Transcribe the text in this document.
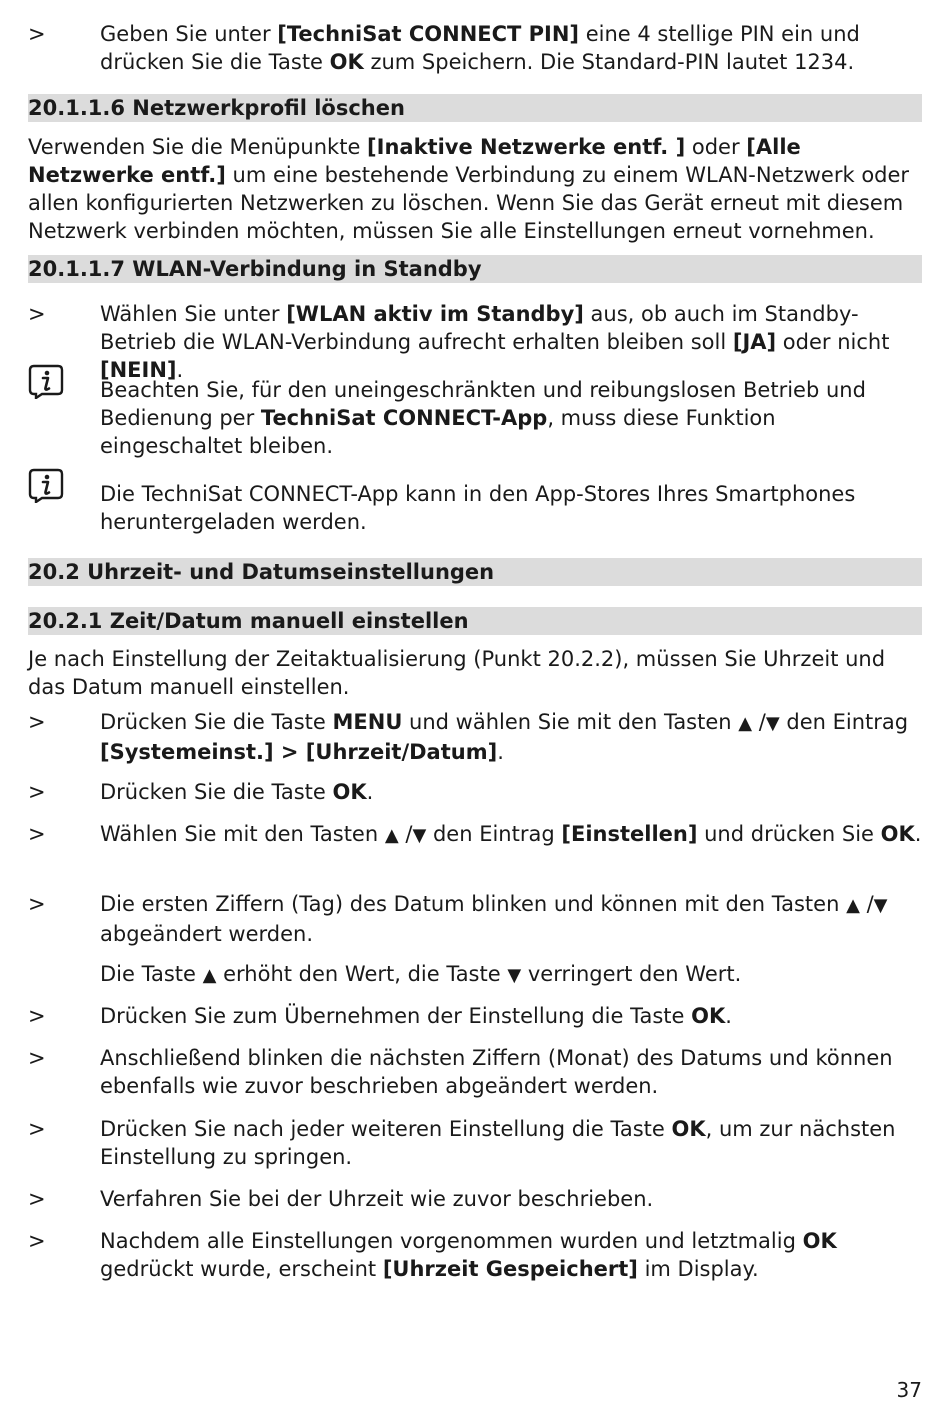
>	Geben Sie unter [TechniSat CONNECT PIN] eine 4 stellige PIN ein und drücken Sie die Taste OK zum Speichern. Die Standard-PIN lautet 1234.
20.1.1.6 Netzwerkprofil löschen
Verwenden Sie die Menüpunkte [Inaktive Netzwerke entf. ] oder [Alle Netzwerke entf.] um eine bestehende Verbindung zu einem WLAN-Netzwerk oder allen konfigurierten Netzwerken zu löschen. Wenn Sie das Gerät erneut mit diesem Netzwerk verbinden möchten, müssen Sie alle Einstellungen erneut vornehmen.
20.1.1.7 WLAN-Verbindung in Standby
>	Wählen Sie unter [WLAN aktiv im Standby] aus, ob auch im Standby-Betrieb die WLAN-Verbindung aufrecht erhalten bleiben soll [JA] oder nicht [NEIN].
Beachten Sie, für den uneingeschränkten und reibungslosen Betrieb und Bedienung per TechniSat CONNECT-App, muss diese Funktion eingeschaltet bleiben.
Die TechniSat CONNECT-App kann in den App-Stores Ihres Smartphones heruntergeladen werden.
20.2 Uhrzeit- und Datumseinstellungen
20.2.1 Zeit/Datum manuell einstellen
Je nach Einstellung der Zeitaktualisierung (Punkt 20.2.2), müssen Sie Uhrzeit und das Datum manuell einstellen.
>	Drücken Sie die Taste MENU und wählen Sie mit den Tasten ▲ /▼ den Eintrag [Systemeinst.] > [Uhrzeit/Datum].
>	Drücken Sie die Taste OK.
>	Wählen Sie mit den Tasten ▲ /▼ den Eintrag [Einstellen] und drücken Sie OK.
>	Die ersten Ziffern (Tag) des Datum blinken und können mit den Tasten ▲ /▼ abgeändert werden.
Die Taste ▲ erhöht den Wert, die Taste ▼ verringert den Wert.
>	Drücken Sie zum Übernehmen der Einstellung die Taste OK.
>	Anschließend blinken die nächsten Ziffern (Monat) des Datums und können ebenfalls wie zuvor beschrieben abgeändert werden.
>	Drücken Sie nach jeder weiteren Einstellung die Taste OK, um zur nächsten Einstellung zu springen.
>	Verfahren Sie bei der Uhrzeit wie zuvor beschrieben.
>	Nachdem alle Einstellungen vorgenommen wurden und letztmalig OK gedrückt wurde, erscheint [Uhrzeit Gespeichert] im Display.
37
